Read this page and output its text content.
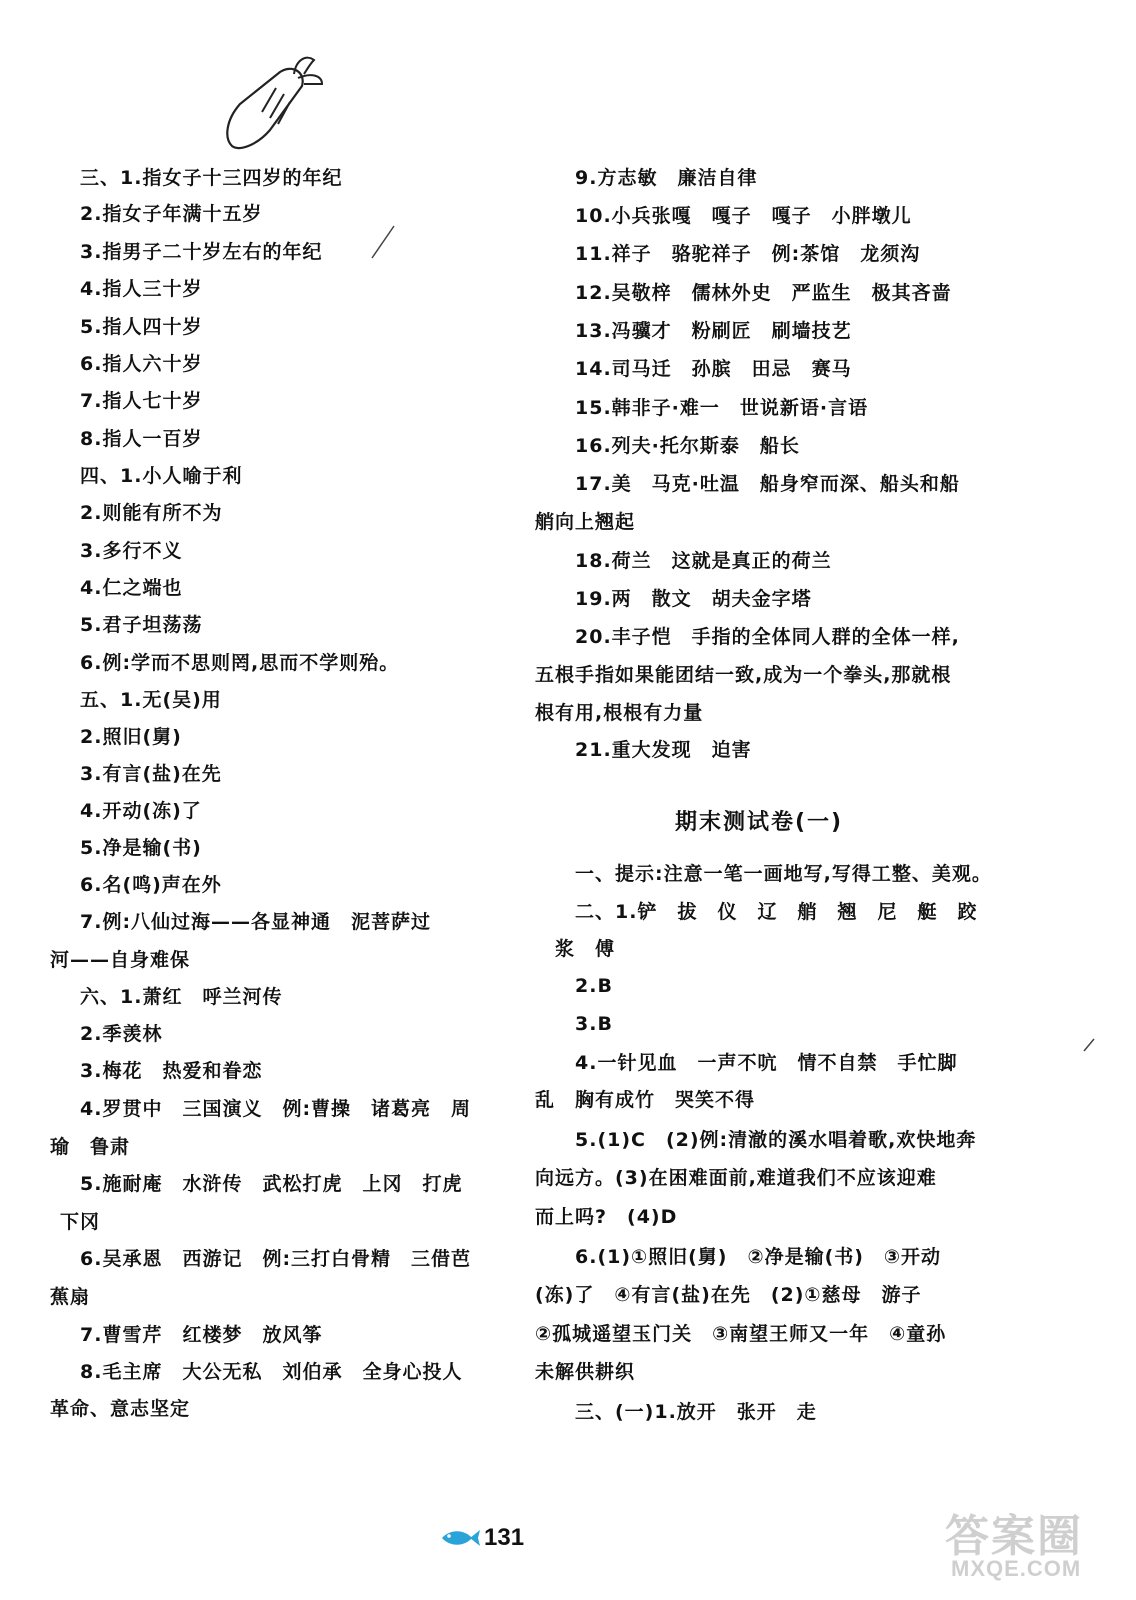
三、1.指女子十三四岁的年纪
2.指女子年满十五岁
3.指男子二十岁左右的年纪
4.指人三十岁
5.指人四十岁
6.指人六十岁
7.指人七十岁
8.指人一百岁
四、1.小人喻于利
2.则能有所不为
3.多行不义
4.仁之端也
5.君子坦荡荡
6.例:学而不思则罔,思而不学则殆。
五、1.无(吴)用
2.照旧(舅)
3.有言(盐)在先
4.开动(冻)了
5.净是输(书)
6.名(鸣)声在外
7.例:八仙过海——各显神通　泥菩萨过
河——自身难保
六、1.萧红　呼兰河传
2.季羡林
3.梅花　热爱和眷恋
4.罗贯中　三国演义　例:曹操　诸葛亮　周
瑜　鲁肃
5.施耐庵　水浒传　武松打虎　上冈　打虎
下冈
6.吴承恩　西游记　例:三打白骨精　三借芭
蕉扇
7.曹雪芹　红楼梦　放风筝
8.毛主席　大公无私　刘伯承　全身心投人
革命、意志坚定
9.方志敏　廉洁自律
10.小兵张嘎　嘎子　嘎子　小胖墩儿
11.祥子　骆驼祥子　例:茶馆　龙须沟
12.吴敬梓　儒林外史　严监生　极其吝啬
13.冯骥才　粉刷匠　刷墙技艺
14.司马迁　孙膑　田忌　赛马
15.韩非子·难一　世说新语·言语
16.列夫·托尔斯泰　船长
17.美　马克·吐温　船身窄而深、船头和船
艄向上翘起
18.荷兰　这就是真正的荷兰
19.两　散文　胡夫金字塔
20.丰子恺　手指的全体同人群的全体一样,
五根手指如果能团结一致,成为一个拳头,那就根
根有用,根根有力量
21.重大发现　迫害
一、提示:注意一笔一画地写,写得工整、美观。
二、1.铲　拔　仪　辽　艄　翘　尼　艇　跤
浆　傅
2.B
3.B
4.一针见血　一声不吭　情不自禁　手忙脚
乱　胸有成竹　哭笑不得
5.(1)C　(2)例:清澈的溪水唱着歌,欢快地奔
向远方。(3)在困难面前,难道我们不应该迎难
而上吗?　(4)D
6.(1)①照旧(舅)　②净是输(书)　③开动
(冻)了　④有言(盐)在先　(2)①慈母　游子
②孤城遥望玉门关　③南望王师又一年　④童孙
未解供耕织
三、(一)1.放开　张开　走
期末测试卷(一)
131	答案圈
MXQE.COM
